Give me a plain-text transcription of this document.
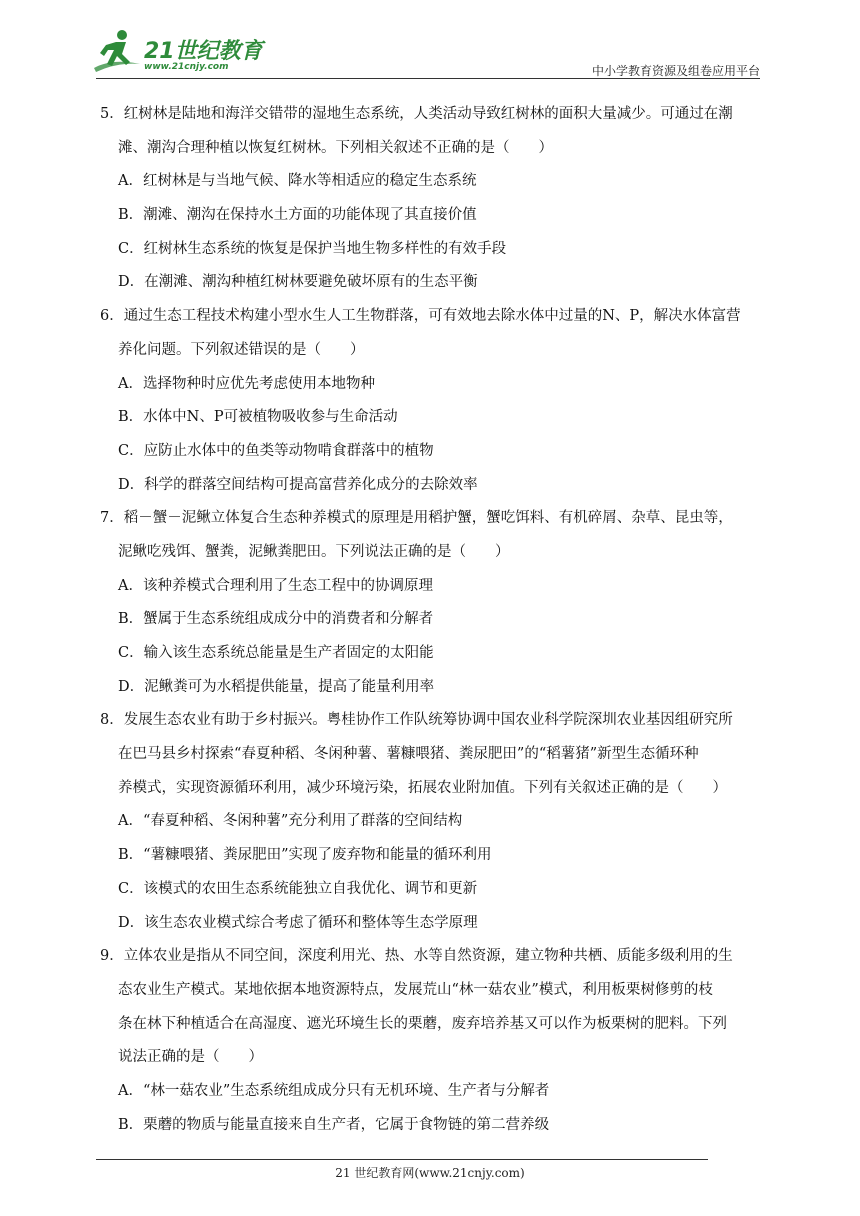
21世纪教育
www.21cnjy.com	中小学教育资源及组卷应用平台
5．红树林是陆地和海洋交错带的湿地生态系统，人类活动导致红树林的面积大量减少。可通过在潮
滩、潮沟合理种植以恢复红树林。下列相关叙述不正确的是（　　）
A．红树林是与当地气候、降水等相适应的稳定生态系统
B．潮滩、潮沟在保持水土方面的功能体现了其直接价值
C．红树林生态系统的恢复是保护当地生物多样性的有效手段
D．在潮滩、潮沟种植红树林要避免破坏原有的生态平衡
6．通过生态工程技术构建小型水生人工生物群落，可有效地去除水体中过量的N、P，解决水体富营
养化问题。下列叙述错误的是（　　）
A．选择物种时应优先考虑使用本地物种
B．水体中N、P可被植物吸收参与生命活动
C．应防止水体中的鱼类等动物啃食群落中的植物
D．科学的群落空间结构可提高富营养化成分的去除效率
7．稻－蟹－泥鳅立体复合生态种养模式的原理是用稻护蟹，蟹吃饵料、有机碎屑、杂草、昆虫等，
泥鳅吃残饵、蟹粪，泥鳅粪肥田。下列说法正确的是（　　）
A．该种养模式合理利用了生态工程中的协调原理
B．蟹属于生态系统组成成分中的消费者和分解者
C．输入该生态系统总能量是生产者固定的太阳能
D．泥鳅粪可为水稻提供能量，提高了能量利用率
8．发展生态农业有助于乡村振兴。粤桂协作工作队统筹协调中国农业科学院深圳农业基因组研究所
在巴马县乡村探索“春夏种稻、冬闲种薯、薯糠喂猪、粪尿肥田”的“稻薯猪”新型生态循环种
养模式，实现资源循环利用，减少环境污染，拓展农业附加值。下列有关叙述正确的是（　　）
A．“春夏种稻、冬闲种薯”充分利用了群落的空间结构
B．“薯糠喂猪、粪尿肥田”实现了废弃物和能量的循环利用
C．该模式的农田生态系统能独立自我优化、调节和更新
D．该生态农业模式综合考虑了循环和整体等生态学原理
9．立体农业是指从不同空间，深度利用光、热、水等自然资源，建立物种共栖、质能多级利用的生
态农业生产模式。某地依据本地资源特点，发展荒山“林一菇农业”模式，利用板栗树修剪的枝
条在林下种植适合在高湿度、遮光环境生长的栗蘑，废弃培养基又可以作为板栗树的肥料。下列
说法正确的是（　　）
A．“林一菇农业”生态系统组成成分只有无机环境、生产者与分解者
B．栗蘑的物质与能量直接来自生产者，它属于食物链的第二营养级
21 世纪教育网(www.21cnjy.com)
